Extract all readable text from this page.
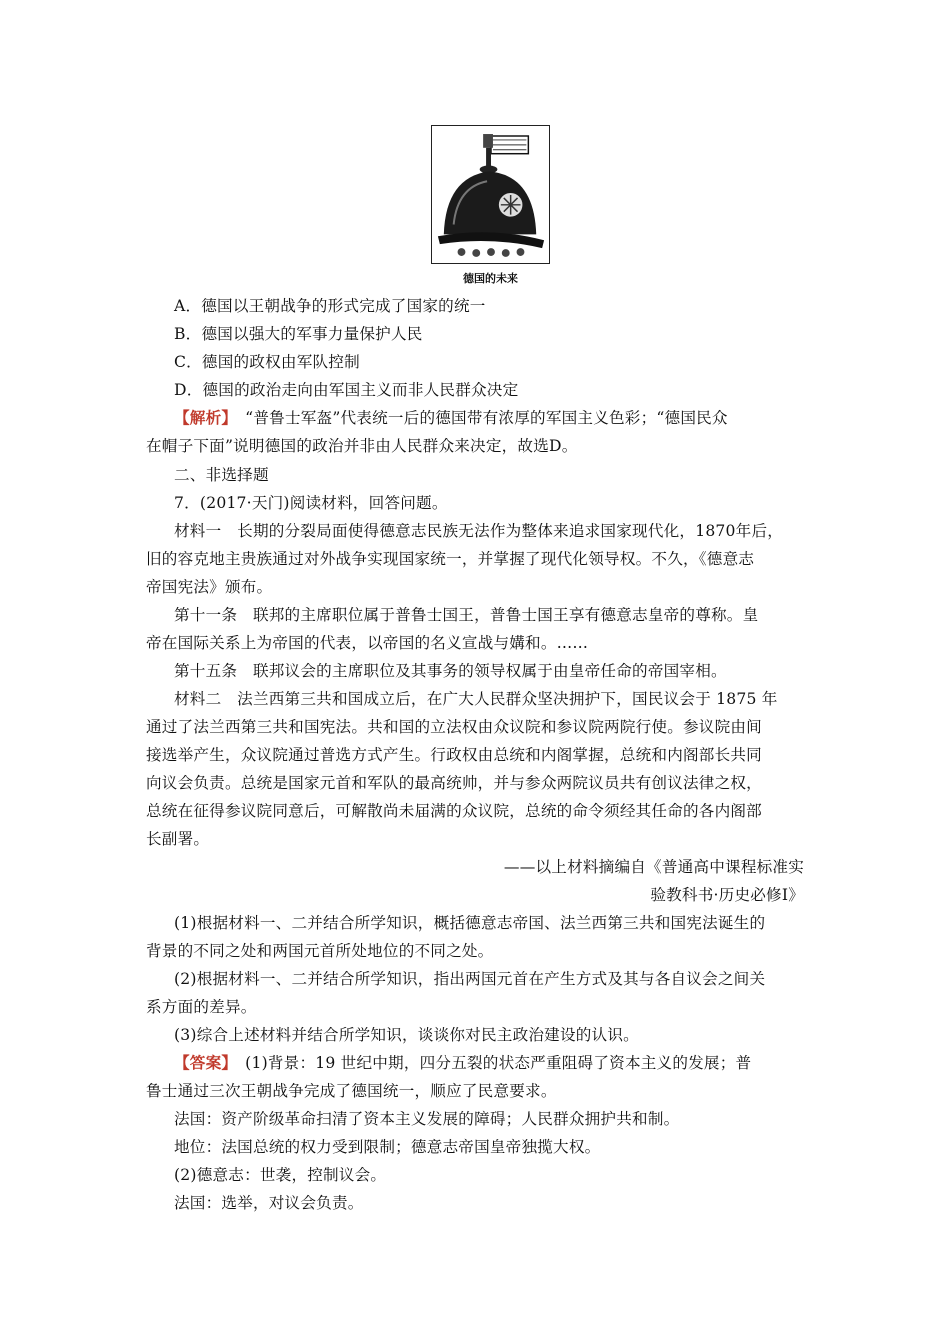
德国的未来
A．德国以王朝战争的形式完成了国家的统一
B．德国以强大的军事力量保护人民
C．德国的政权由军队控制
D．德国的政治走向由军国主义而非人民群众决定
【解析】　“普鲁士军盔”代表统一后的德国带有浓厚的军国主义色彩；“德国民众
在帽子下面”说明德国的政治并非由人民群众来决定，故选D。
二、非选择题
7．(2017·天门)阅读材料，回答问题。
材料一　长期的分裂局面使得德意志民族无法作为整体来追求国家现代化，1870年后，
旧的容克地主贵族通过对外战争实现国家统一，并掌握了现代化领导权。不久，《德意志
帝国宪法》颁布。
第十一条　联邦的主席职位属于普鲁士国王，普鲁士国王享有德意志皇帝的尊称。皇
帝在国际关系上为帝国的代表，以帝国的名义宣战与媾和。……
第十五条　联邦议会的主席职位及其事务的领导权属于由皇帝任命的帝国宰相。
材料二　法兰西第三共和国成立后，在广大人民群众坚决拥护下，国民议会于 1875 年
通过了法兰西第三共和国宪法。共和国的立法权由众议院和参议院两院行使。参议院由间
接选举产生，众议院通过普选方式产生。行政权由总统和内阁掌握，总统和内阁部长共同
向议会负责。总统是国家元首和军队的最高统帅，并与参众两院议员共有创议法律之权，
总统在征得参议院同意后，可解散尚未届满的众议院，总统的命令须经其任命的各内阁部
长副署。
——以上材料摘编自《普通高中课程标准实
验教科书·历史必修Ⅰ》
(1)根据材料一、二并结合所学知识，概括德意志帝国、法兰西第三共和国宪法诞生的
背景的不同之处和两国元首所处地位的不同之处。
(2)根据材料一、二并结合所学知识，指出两国元首在产生方式及其与各自议会之间关
系方面的差异。
(3)综合上述材料并结合所学知识，谈谈你对民主政治建设的认识。
【答案】　(1)背景：19 世纪中期，四分五裂的状态严重阻碍了资本主义的发展；普
鲁士通过三次王朝战争完成了德国统一，顺应了民意要求。
法国：资产阶级革命扫清了资本主义发展的障碍；人民群众拥护共和制。
地位：法国总统的权力受到限制；德意志帝国皇帝独揽大权。
(2)德意志：世袭，控制议会。
法国：选举，对议会负责。
